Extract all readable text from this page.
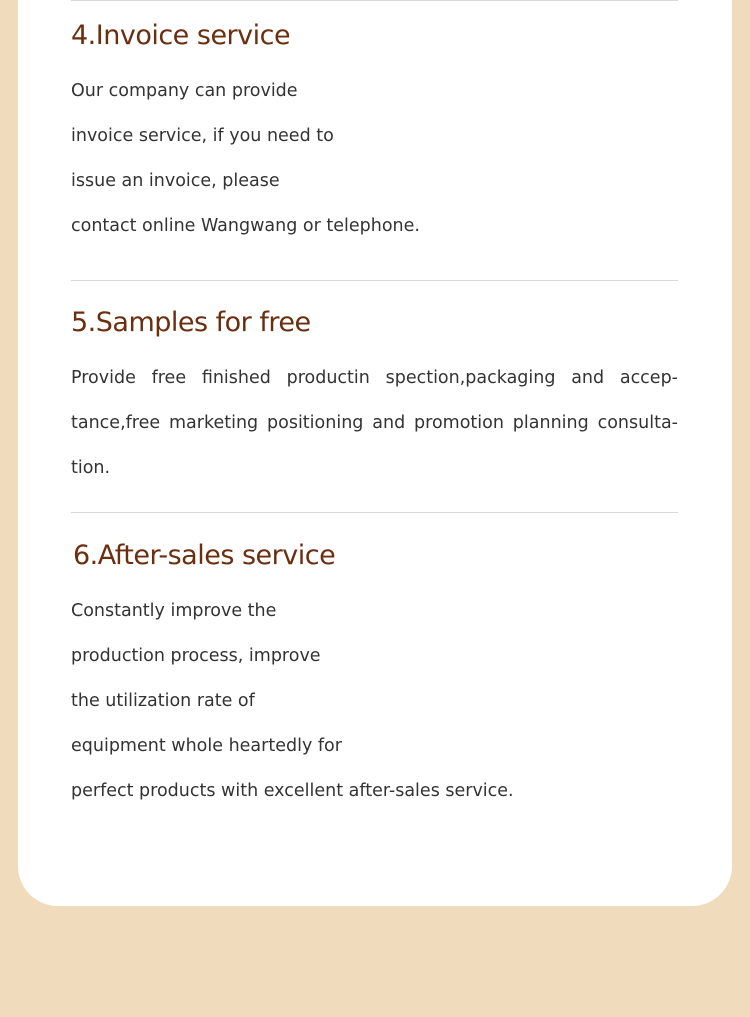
4.Invoice service

Our company can provide

invoice service, if you need to

issue an invoice, please

contact online Wangwang or telephone.

5.Samples for free

Provide free finished productin spection,packaging and accep-

tance,free marketing positioning and promotion planning consulta-

tion.

6.After-sales service

Constantly improve the

production process, improve

the utilization rate of

equipment whole heartedly for

perfect products with excellent after-sales service.
